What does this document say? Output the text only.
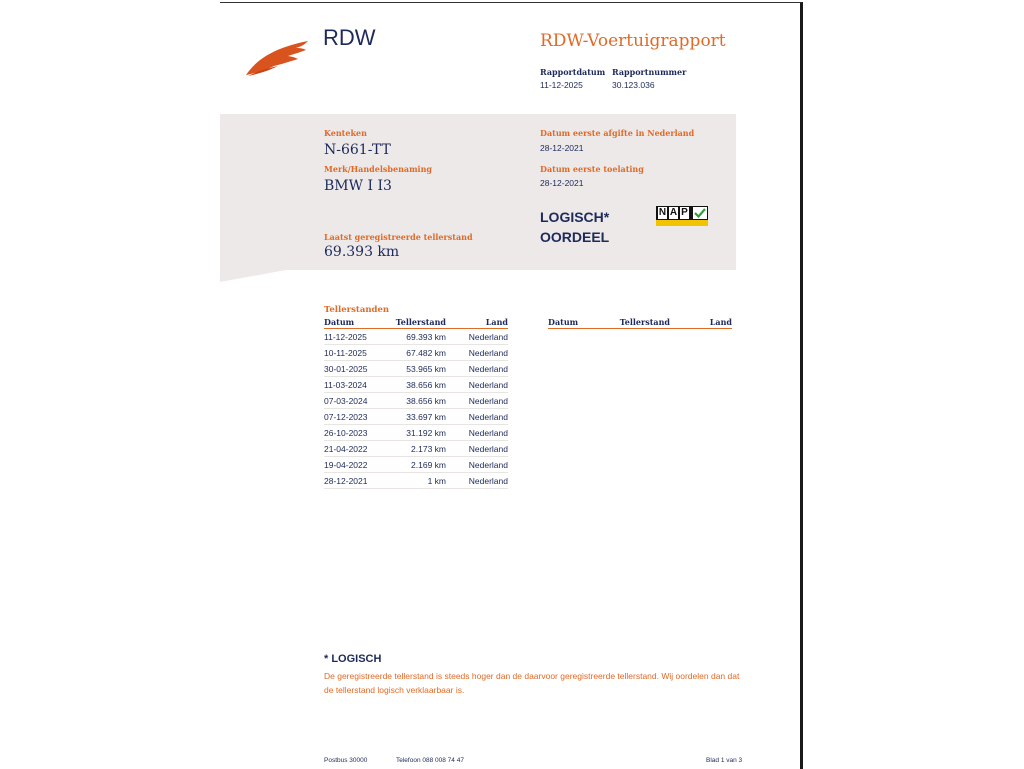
RDW	RDW-Voertuigrapport
Rapportdatum
11-12-2025
Rapportnummer
30.123.036
Kenteken
N-661-TT
Merk/Handelsbenaming
BMW I I3
Laatst geregistreerde tellerstand
69.393 km
Datum eerste afgifte in Nederland
28-12-2021
Datum eerste toelating
28-12-2021
LOGISCH*
OORDEEL
N A P
Tellerstanden
Datum	Tellerstand	Land
11-12-2025	69.393 km	Nederland
10-11-2025	67.482 km	Nederland
30-01-2025	53.965 km	Nederland
11-03-2024	38.656 km	Nederland
07-03-2024	38.656 km	Nederland
07-12-2023	33.697 km	Nederland
26-10-2023	31.192 km	Nederland
21-04-2022	2.173 km	Nederland
19-04-2022	2.169 km	Nederland
28-12-2021	1 km	Nederland
Datum	Tellerstand	Land
* LOGISCH
De geregistreerde tellerstand is steeds hoger dan de daarvoor geregistreerde tellerstand. Wij oordelen dan dat de tellerstand logisch verklaarbaar is.
Postbus 30000	Telefoon 088 008 74 47	Blad 1 van 3
